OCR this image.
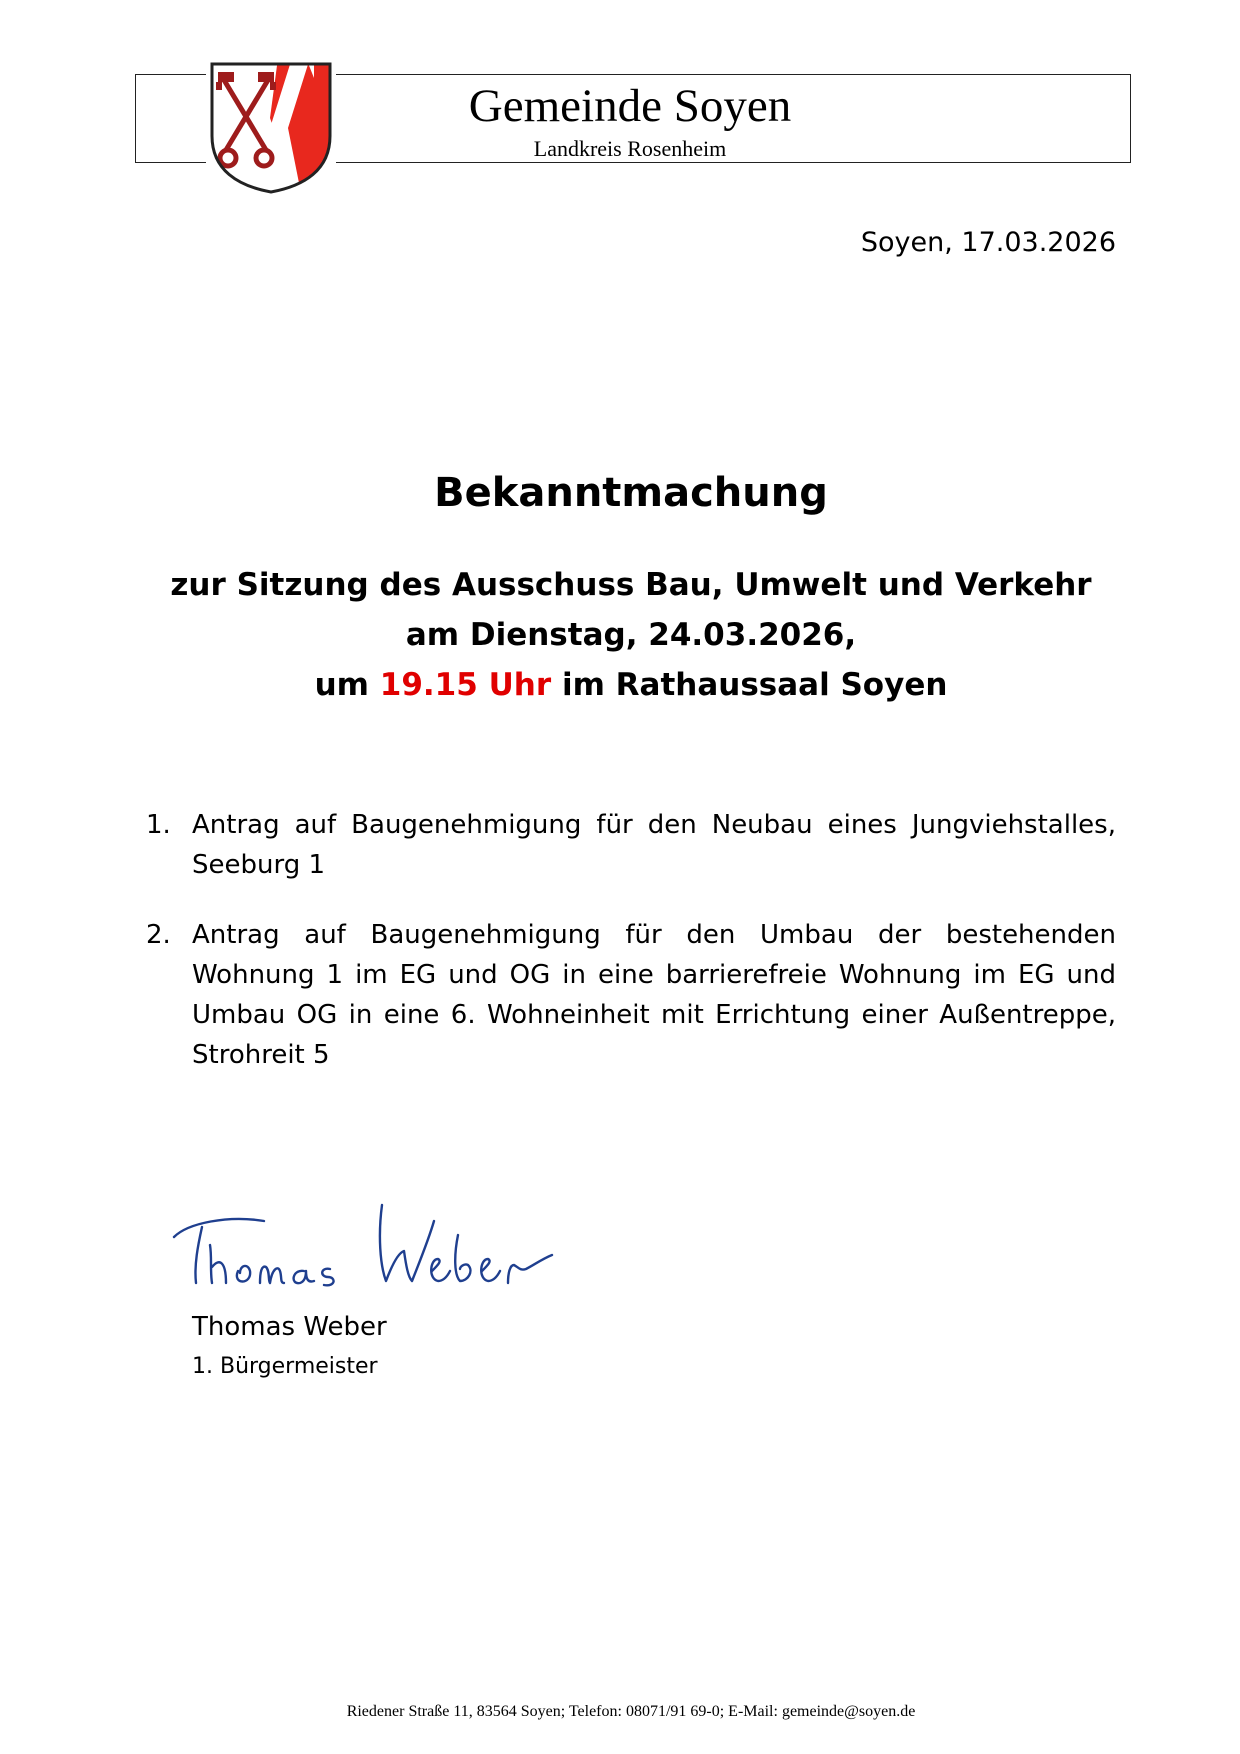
Gemeinde Soyen
Landkreis Rosenheim
Soyen, 17.03.2026
Bekanntmachung
zur Sitzung des Ausschuss Bau, Umwelt und Verkehr
am Dienstag, 24.03.2026,
um 19.15 Uhr im Rathaussaal Soyen
1. Antrag auf Baugenehmigung für den Neubau eines Jungviehstalles, Seeburg 1
2. Antrag auf Baugenehmigung für den Umbau der bestehenden Wohnung 1 im EG und OG in eine barrierefreie Wohnung im EG und Umbau OG in eine 6. Wohneinheit mit Errichtung einer Außentreppe, Strohreit 5
Thomas Weber
1. Bürgermeister
Riedener Straße 11, 83564 Soyen; Telefon: 08071/91 69-0; E-Mail: gemeinde@soyen.de
